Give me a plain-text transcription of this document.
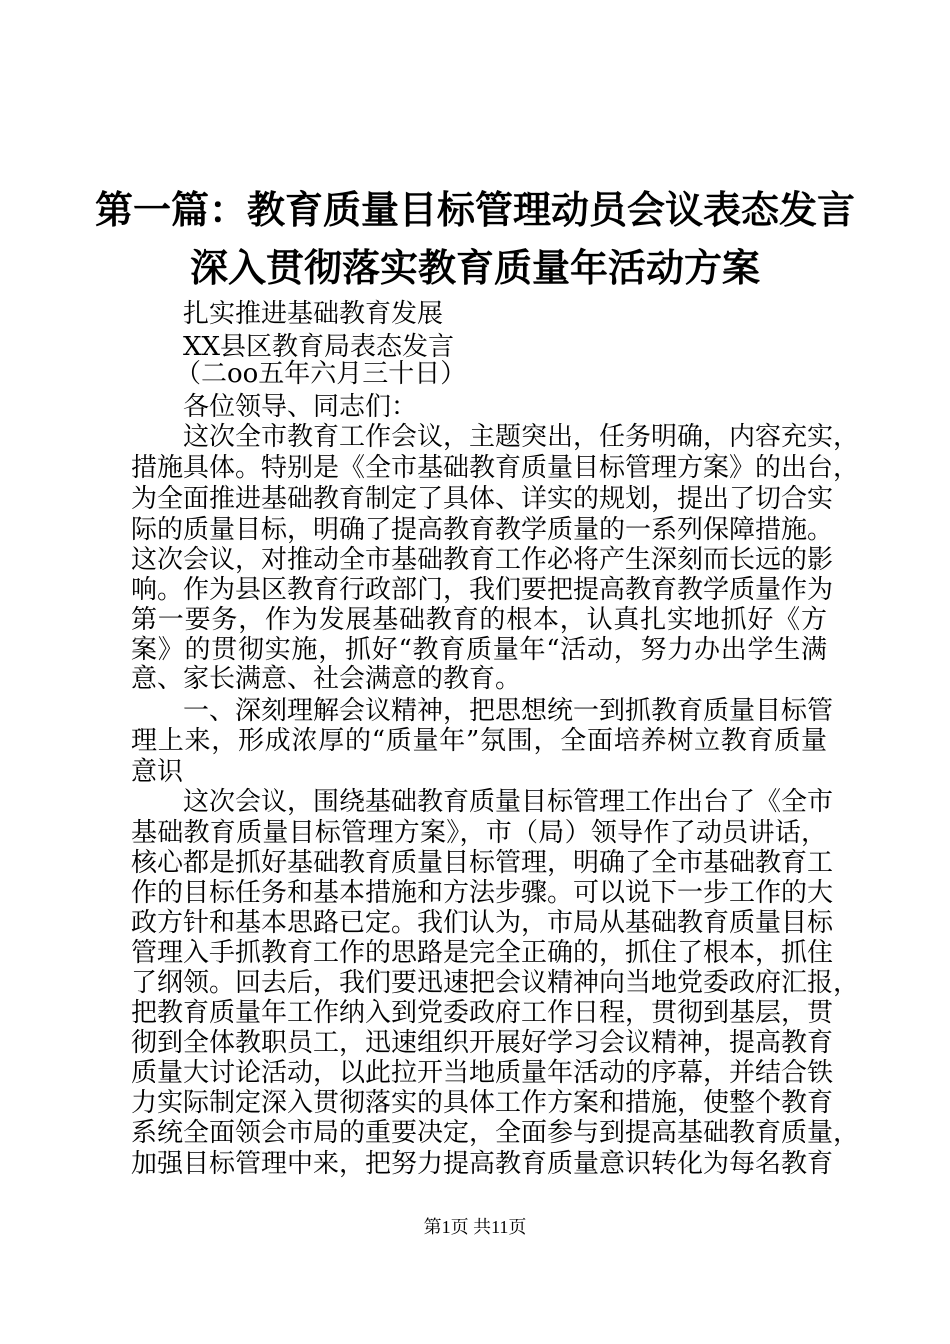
第一篇：教育质量目标管理动员会议表态发言
深入贯彻落实教育质量年活动方案
扎实推进基础教育发展
XX县区教育局表态发言
（二oo五年六月三十日）
各位领导、同志们：
这次全市教育工作会议，主题突出，任务明确，内容充实，
措施具体。特别是《全市基础教育质量目标管理方案》的出台，
为全面推进基础教育制定了具体、详实的规划，提出了切合实
际的质量目标，明确了提高教育教学质量的一系列保障措施。
这次会议，对推动全市基础教育工作必将产生深刻而长远的影
响。作为县区教育行政部门，我们要把提高教育教学质量作为
第一要务，作为发展基础教育的根本，认真扎实地抓好《方
案》的贯彻实施，抓好“教育质量年“活动，努力办出学生满
意、家长满意、社会满意的教育。
一、深刻理解会议精神，把思想统一到抓教育质量目标管
理上来，形成浓厚的“质量年”氛围，全面培养树立教育质量
意识
这次会议，围绕基础教育质量目标管理工作出台了《全市
基础教育质量目标管理方案》，市（局）领导作了动员讲话，
核心都是抓好基础教育质量目标管理，明确了全市基础教育工
作的目标任务和基本措施和方法步骤。可以说下一步工作的大
政方针和基本思路已定。我们认为，市局从基础教育质量目标
管理入手抓教育工作的思路是完全正确的，抓住了根本，抓住
了纲领。回去后，我们要迅速把会议精神向当地党委政府汇报，
把教育质量年工作纳入到党委政府工作日程，贯彻到基层，贯
彻到全体教职员工，迅速组织开展好学习会议精神，提高教育
质量大讨论活动，以此拉开当地质量年活动的序幕，并结合铁
力实际制定深入贯彻落实的具体工作方案和措施，使整个教育
系统全面领会市局的重要决定，全面参与到提高基础教育质量，
加强目标管理中来，把努力提高教育质量意识转化为每名教育
第1页 共11页
